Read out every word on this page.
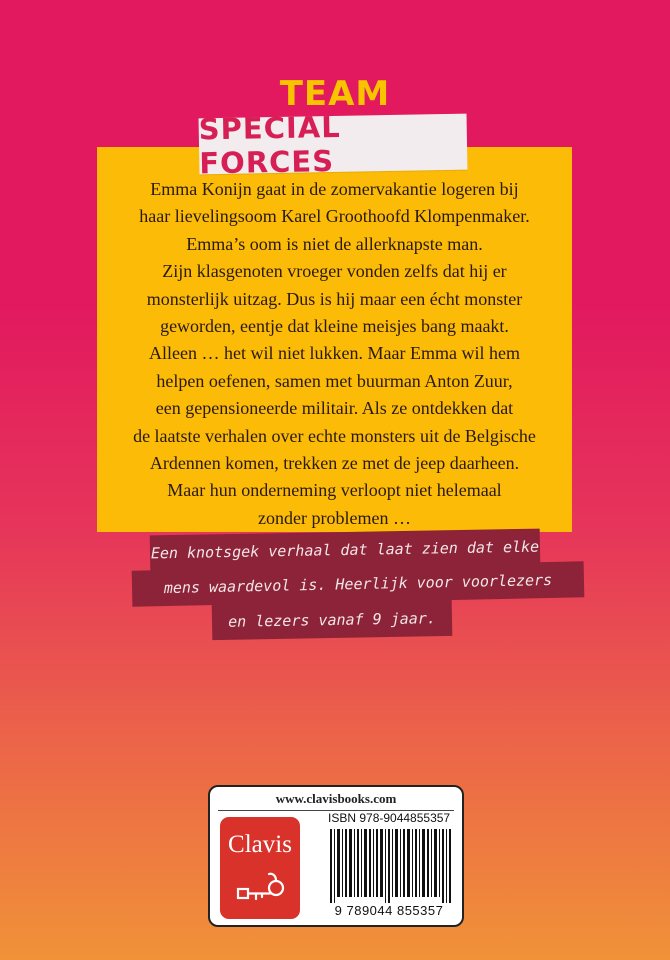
TEAM
SPECIAL FORCES
Emma Konijn gaat in de zomervakantie logeren bij
haar lievelingsoom Karel Groothoofd Klompenmaker.
Emma’s oom is niet de allerknapste man.
Zijn klasgenoten vroeger vonden zelfs dat hij er
monsterlijk uitzag. Dus is hij maar een écht monster
geworden, eentje dat kleine meisjes bang maakt.
Alleen … het wil niet lukken. Maar Emma wil hem
helpen oefenen, samen met buurman Anton Zuur,
een gepensioneerde militair. Als ze ontdekken dat
de laatste verhalen over echte monsters uit de Belgische
Ardennen komen, trekken ze met de jeep daarheen.
Maar hun onderneming verloopt niet helemaal
zonder problemen …
Een knotsgek verhaal dat laat zien dat elke
mens waardevol is. Heerlijk voor voorlezers
en lezers vanaf 9 jaar.
www.clavisbooks.com
Clavis
ISBN 978-9044855357
9 789044 855357
